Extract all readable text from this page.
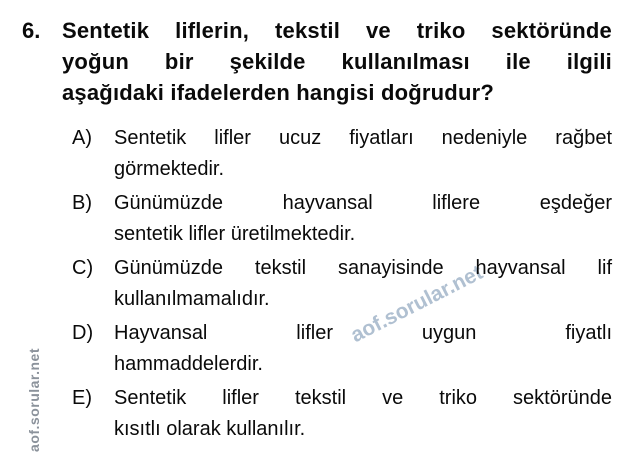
aof.sorular.net
aof.sorular.net
6. Sentetik liflerin, tekstil ve triko sektöründe
yoğun bir şekilde kullanılması ile ilgili
aşağıdaki ifadelerden hangisi doğrudur?
A)	Sentetik lifler ucuz fiyatları nedeniyle rağbet
görmektedir.
B)	Günümüzde hayvansal liflere eşdeğer
sentetik lifler üretilmektedir.
C)	Günümüzde tekstil sanayisinde hayvansal lif
kullanılmamalıdır.
D)	Hayvansal lifler uygun fiyatlı
hammaddelerdir.
E)	Sentetik lifler tekstil ve triko sektöründe
kısıtlı olarak kullanılır.
